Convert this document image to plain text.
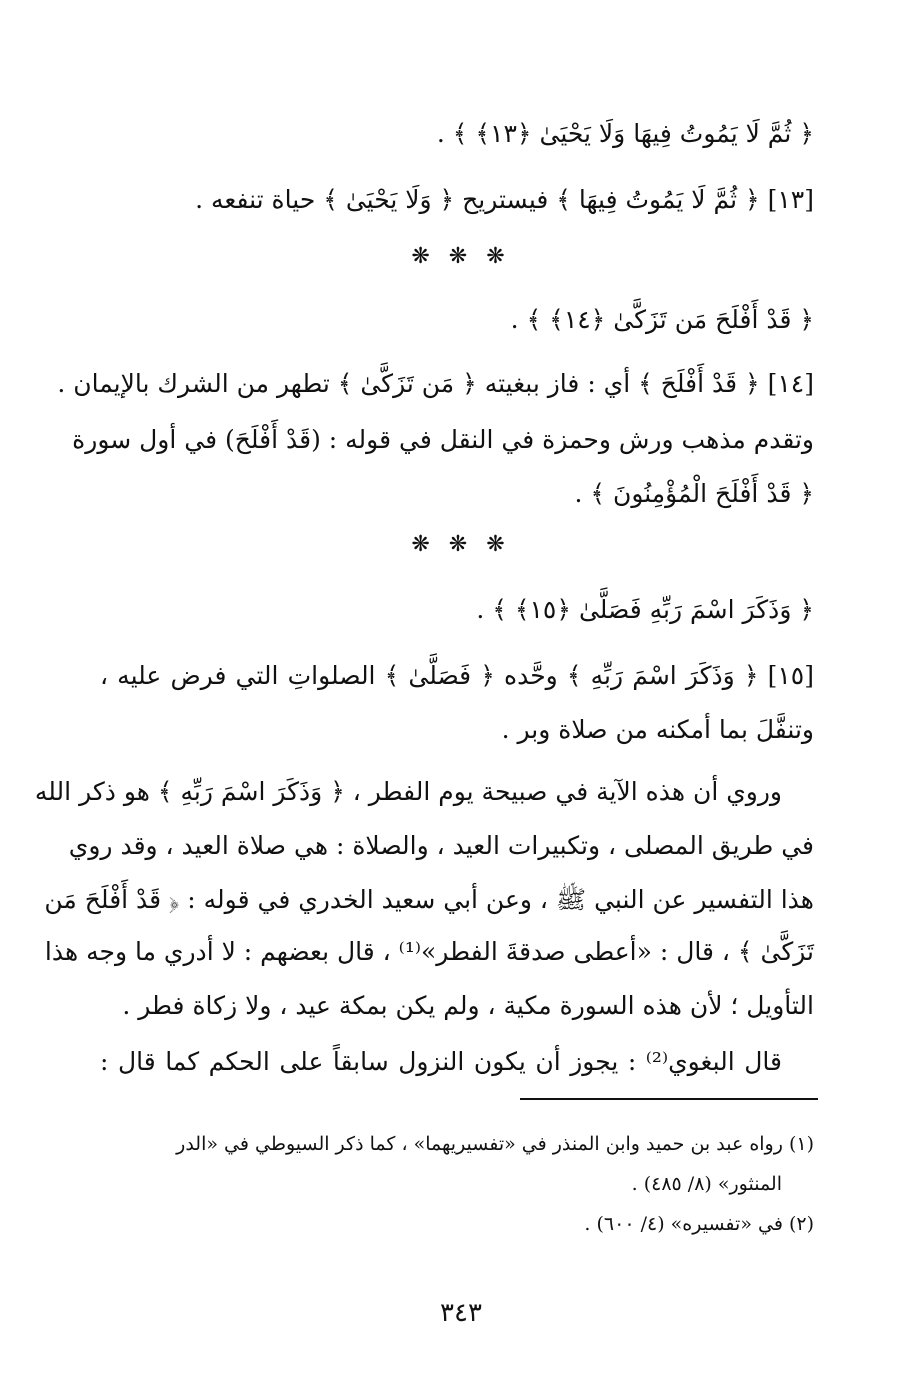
﴿ ثُمَّ لَا يَمُوتُ فِيهَا وَلَا يَحْيَىٰ ﴿١٣﴾ ﴾ .
[١٣] ﴿ ثُمَّ لَا يَمُوتُ فِيهَا ﴾ فيستريح ﴿ وَلَا يَحْيَىٰ ﴾ حياة تنفعه .
❋ ❋ ❋
﴿ قَدْ أَفْلَحَ مَن تَزَكَّىٰ ﴿١٤﴾ ﴾ .
[١٤] ﴿ قَدْ أَفْلَحَ ﴾ أي : فاز ببغيته ﴿ مَن تَزَكَّىٰ ﴾ تطهر من الشرك بالإيمان .
وتقدم مذهب ورش وحمزة في النقل في قوله : (قَدْ أَفْلَحَ) في أول سورة
﴿ قَدْ أَفْلَحَ الْمُؤْمِنُونَ ﴾ .
❋ ❋ ❋
﴿ وَذَكَرَ اسْمَ رَبِّهِ فَصَلَّىٰ ﴿١٥﴾ ﴾ .
[١٥] ﴿ وَذَكَرَ اسْمَ رَبِّهِ ﴾ وحَّده ﴿ فَصَلَّىٰ ﴾ الصلواتِ التي فرض عليه ،
وتنفَّلَ بما أمكنه من صلاة وبر .
وروي أن هذه الآية في صبيحة يوم الفطر ، ﴿ وَذَكَرَ اسْمَ رَبِّهِ ﴾ هو ذكر الله
في طريق المصلى ، وتكبيرات العيد ، والصلاة : هي صلاة العيد ، وقد روي
هذا التفسير عن النبي ﷺ ، وعن أبي سعيد الخدري في قوله : ﴿ قَدْ أَفْلَحَ مَن
تَزَكَّىٰ ﴾ ، قال : «أعطى صدقةَ الفطر»⁽¹⁾ ، قال بعضهم : لا أدري ما وجه هذا
التأويل ؛ لأن هذه السورة مكية ، ولم يكن بمكة عيد ، ولا زكاة فطر .
قال البغوي⁽²⁾ : يجوز أن يكون النزول سابقاً على الحكم كما قال :
(١) رواه عبد بن حميد وابن المنذر في «تفسيريهما» ، كما ذكر السيوطي في «الدر
المنثور» (٨/ ٤٨٥) .
(٢) في «تفسيره» (٤/ ٦٠٠) .
٣٤٣
